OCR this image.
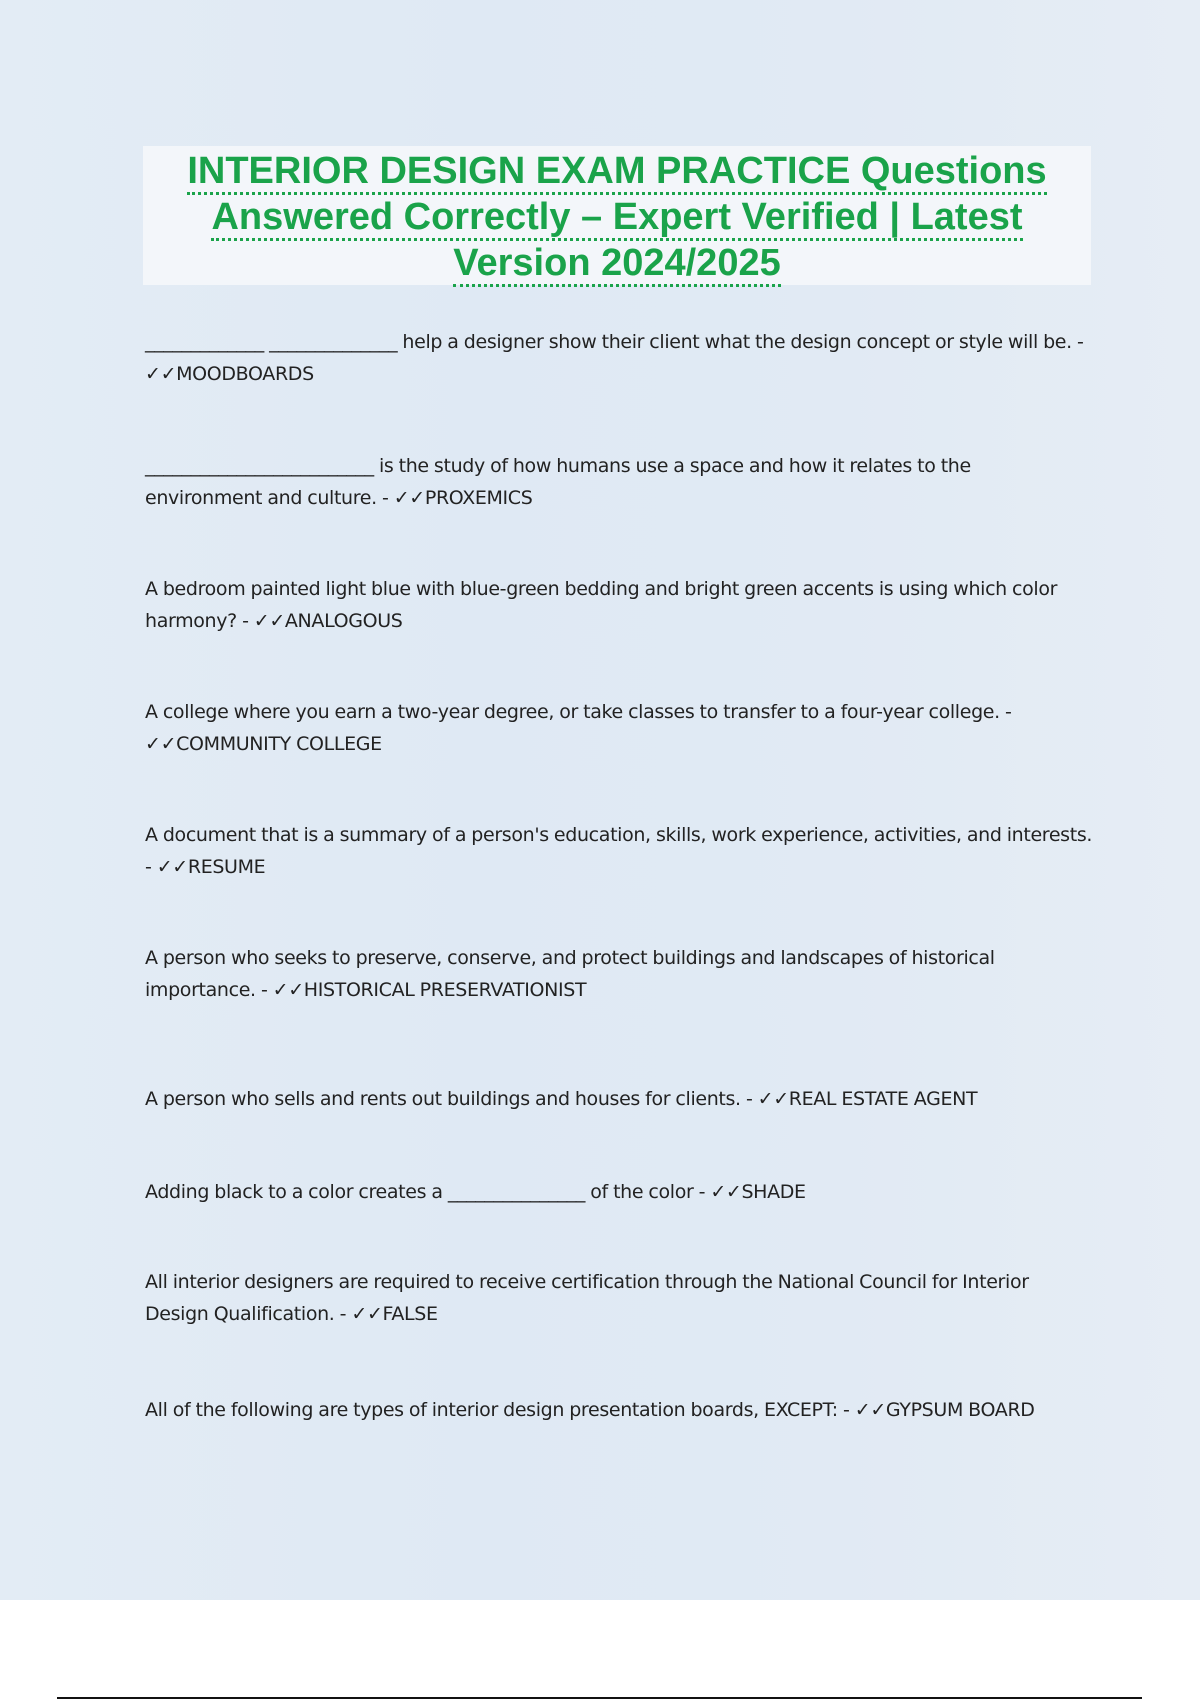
INTERIOR DESIGN EXAM PRACTICE Questions
Answered Correctly – Expert Verified | Latest
Version 2024/2025
_____________ ______________ help a designer show their client what the design concept or style will be. - ✓✓MOODBOARDS
_________________________ is the study of how humans use a space and how it relates to the environment and culture. - ✓✓PROXEMICS
A bedroom painted light blue with blue-green bedding and bright green accents is using which color harmony? - ✓✓ANALOGOUS
A college where you earn a two-year degree, or take classes to transfer to a four-year college. - ✓✓COMMUNITY COLLEGE
A document that is a summary of a person's education, skills, work experience, activities, and interests. - ✓✓RESUME
A person who seeks to preserve, conserve, and protect buildings and landscapes of historical importance. - ✓✓HISTORICAL PRESERVATIONIST
A person who sells and rents out buildings and houses for clients. - ✓✓REAL ESTATE AGENT
Adding black to a color creates a _______________ of the color - ✓✓SHADE
All interior designers are required to receive certification through the National Council for Interior Design Qualification. - ✓✓FALSE
All of the following are types of interior design presentation boards, EXCEPT: - ✓✓GYPSUM BOARD
